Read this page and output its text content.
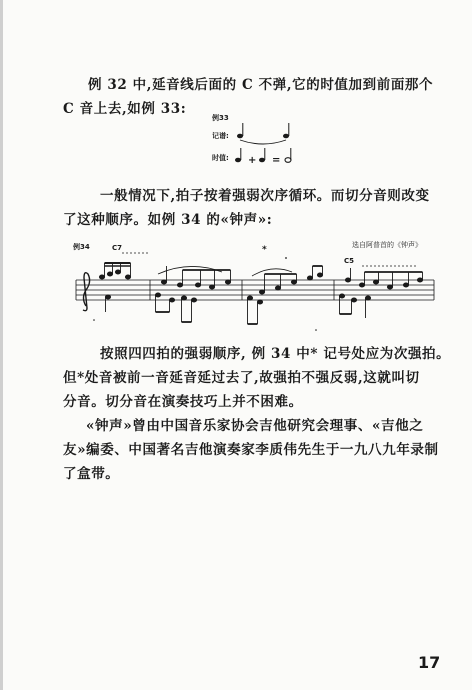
例 32 中,延音线后面的 C 不弹,它的时值加到前面那个
C 音上去,如例 33:
例33
记谱:
时值: + =
一般情况下,拍子按着强弱次序循环。而切分音则改变
了这种顺序。如例 34 的«钟声»:
例34	C7
C5
选自阿普首的《钟声》
*
按照四四拍的强弱顺序, 例 34 中* 记号处应为次强拍。
但*处音被前一音延音延过去了,故强拍不强反弱,这就叫切
分音。切分音在演奏技巧上并不困难。
«钟声»曾由中国音乐家协会吉他研究会理事、«吉他之
友»编委、中国著名吉他演奏家李质伟先生于一九八九年录制
了盒带。
17
